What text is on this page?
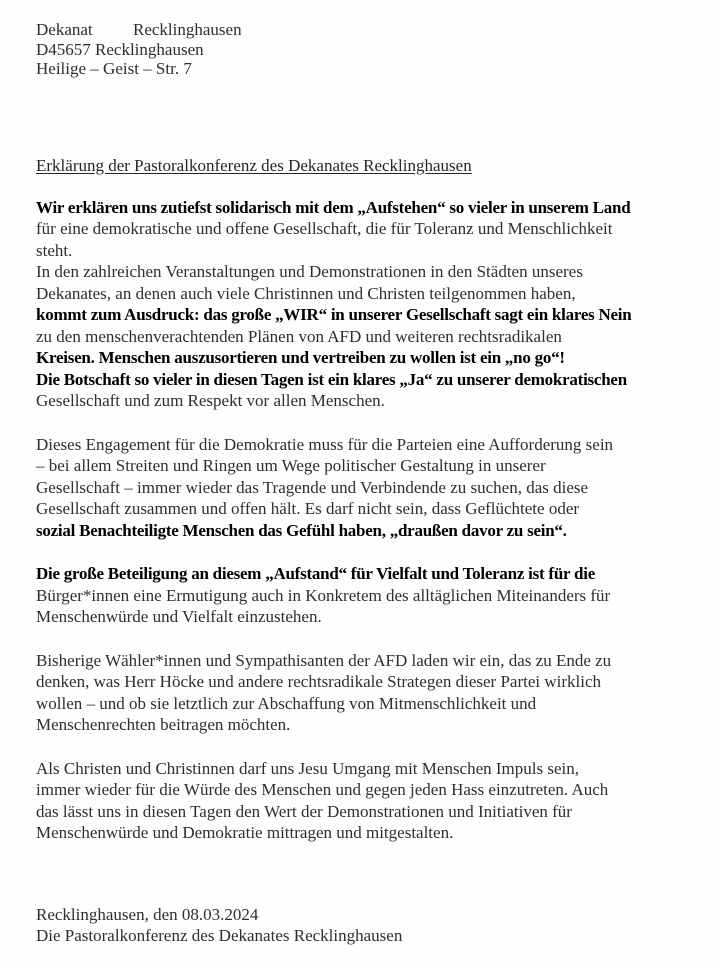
Dekanat Recklinghausen
D45657 Recklinghausen
Heilige – Geist – Str. 7
Erklärung der Pastoralkonferenz des Dekanates Recklinghausen
Wir erklären uns zutiefst solidarisch mit dem „Aufstehen“ so vieler in unserem Land
für eine demokratische und offene Gesellschaft, die für Toleranz und Menschlichkeit
steht.
In den zahlreichen Veranstaltungen und Demonstrationen in den Städten unseres
Dekanates, an denen auch viele Christinnen und Christen teilgenommen haben,
kommt zum Ausdruck: das große „WIR“ in unserer Gesellschaft sagt ein klares Nein
zu den menschenverachtenden Plänen von AFD und weiteren rechtsradikalen
Kreisen. Menschen auszusortieren und vertreiben zu wollen ist ein „no go“!
Die Botschaft so vieler in diesen Tagen ist ein klares „Ja“ zu unserer demokratischen
Gesellschaft und zum Respekt vor allen Menschen.
Dieses Engagement für die Demokratie muss für die Parteien eine Aufforderung sein
– bei allem Streiten und Ringen um Wege politischer Gestaltung in unserer
Gesellschaft – immer wieder das Tragende und Verbindende zu suchen, das diese
Gesellschaft zusammen und offen hält. Es darf nicht sein, dass Geflüchtete oder
sozial Benachteiligte Menschen das Gefühl haben, „draußen davor zu sein“.
Die große Beteiligung an diesem „Aufstand“ für Vielfalt und Toleranz ist für die
Bürger*innen eine Ermutigung auch in Konkretem des alltäglichen Miteinanders für
Menschenwürde und Vielfalt einzustehen.
Bisherige Wähler*innen und Sympathisanten der AFD laden wir ein, das zu Ende zu
denken, was Herr Höcke und andere rechtsradikale Strategen dieser Partei wirklich
wollen – und ob sie letztlich zur Abschaffung von Mitmenschlichkeit und
Menschenrechten beitragen möchten.
Als Christen und Christinnen darf uns Jesu Umgang mit Menschen Impuls sein,
immer wieder für die Würde des Menschen und gegen jeden Hass einzutreten. Auch
das lässt uns in diesen Tagen den Wert der Demonstrationen und Initiativen für
Menschenwürde und Demokratie mittragen und mitgestalten.
Recklinghausen, den 08.03.2024
Die Pastoralkonferenz des Dekanates Recklinghausen
